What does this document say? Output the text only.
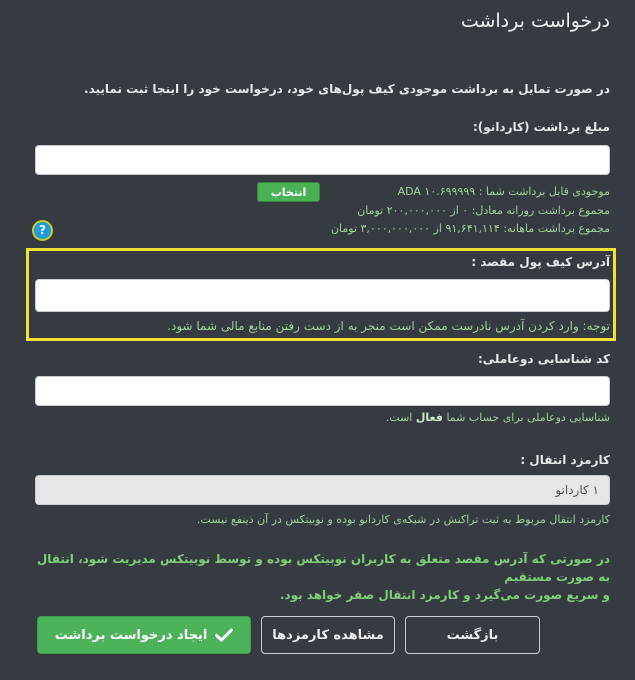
درخواست برداشت
در صورت تمایل به برداشت موجودی کیف پول‌های خود، درخواست خود را اینجا ثبت نمایید.
مبلغ برداشت (کاردانو):
موجودی قابل برداشت شما : ADA ۱۰.۶۹۹۹۹۹
انتخاب
مجموع برداشت روزانه معادل: ۰ از ۲۰۰,۰۰۰,۰۰۰ تومان
مجموع برداشت ماهانه: ۹۱,۶۴۱,۱۱۴ از ۳,۰۰۰,۰۰۰,۰۰۰ تومان
?
آدرس کیف پول مقصد :
توجه: وارد کردن آدرس نادرست ممکن است منجر به از دست رفتن منابع مالی شما شود.
کد شناسایی دوعاملی:
شناسایی دوعاملی برای حساب شما فعال است.
کارمزد انتقال :
۱ کاردانو
کارمزد انتقال مربوط به ثبت تراکنش در شبکه‌ی کاردانو بوده و نوبیتکس در آن ذینفع نیست.
در صورتی که آدرس مقصد متعلق به کاربران نوبیتکس بوده و توسط نوبیتکس مدیریت شود، انتقال به صورت مستقیم
و سریع صورت می‌گیرد و کارمزد انتقال صفر خواهد بود.
ایجاد درخواست برداشت	مشاهده کارمزدها	بازگشت
